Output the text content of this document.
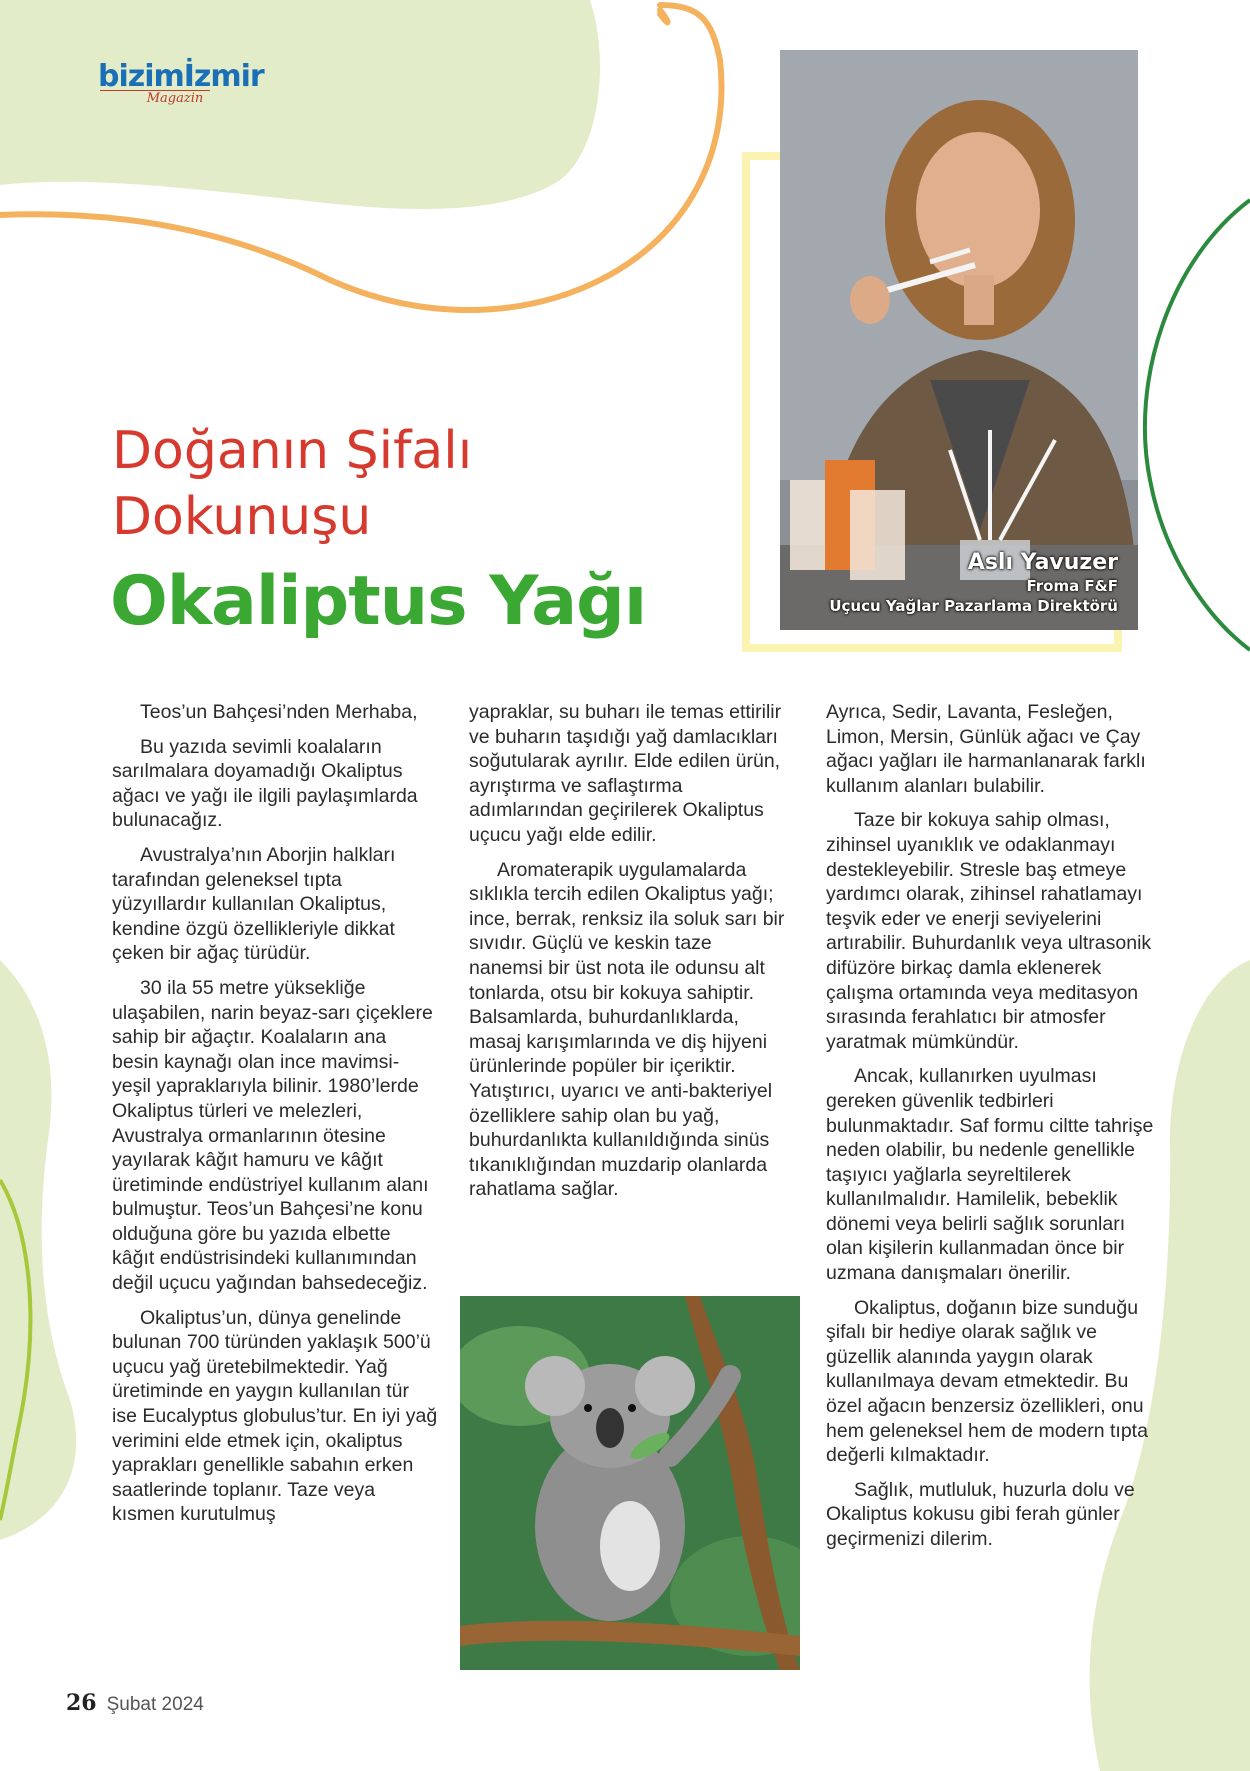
bizimİzmir
Magazin
Doğanın Şifalı
Dokunuşu
Okaliptus Yağı	Aslı Yavuzer
Froma F&F
Uçucu Yağlar Pazarlama Direktörü

Teos’un Bahçesi’nden Merhaba,

Bu yazıda sevimli koalaların sarılmalara doyamadığı Okaliptus ağacı ve yağı ile ilgili paylaşımlarda bulunacağız.

Avustralya’nın Aborjin halkları tarafından geleneksel tıpta yüzyıllardır kullanılan Okaliptus, kendine özgü özellikleriyle dikkat çeken bir ağaç türüdür.

30 ila 55 metre yüksekliğe ulaşabilen, narin beyaz-sarı çiçeklere sahip bir ağaçtır. Koalaların ana besin kaynağı olan ince mavimsi-yeşil yapraklarıyla bilinir. 1980’lerde Okaliptus türleri ve melezleri, Avustralya ormanlarının ötesine yayılarak kâğıt hamuru ve kâğıt üretiminde endüstriyel kullanım alanı bulmuştur. Teos’un Bahçesi’ne konu olduğuna göre bu yazıda elbette kâğıt endüstrisindeki kullanımından değil uçucu yağından bahsedeceğiz.

Okaliptus’un, dünya genelinde bulunan 700 türünden yaklaşık 500’ü uçucu yağ üretebilmektedir. Yağ üretiminde en yaygın kullanılan tür ise Eucalyptus globulus’tur. En iyi yağ verimini elde etmek için, okaliptus yaprakları genellikle sabahın erken saatlerinde toplanır. Taze veya kısmen kurutulmuş

yapraklar, su buharı ile temas ettirilir ve buharın taşıdığı yağ damlacıkları soğutularak ayrılır. Elde edilen ürün, ayrıştırma ve saflaştırma adımlarından geçirilerek Okaliptus uçucu yağı elde edilir.

Aromaterapik uygulamalarda sıklıkla tercih edilen Okaliptus yağı; ince, berrak, renksiz ila soluk sarı bir sıvıdır. Güçlü ve keskin taze nanemsi bir üst nota ile odunsu alt tonlarda, otsu bir kokuya sahiptir. Balsamlarda, buhurdanlıklarda, masaj karışımlarında ve diş hijyeni ürünlerinde popüler bir içeriktir. Yatıştırıcı, uyarıcı ve anti-bakteriyel özelliklere sahip olan bu yağ, buhurdanlıkta kullanıldığında sinüs tıkanıklığından muzdarip olanlarda rahatlama sağlar.

Ayrıca, Sedir, Lavanta, Fesleğen, Limon, Mersin, Günlük ağacı ve Çay ağacı yağları ile harmanlanarak farklı kullanım alanları bulabilir.

Taze bir kokuya sahip olması, zihinsel uyanıklık ve odaklanmayı destekleyebilir. Stresle baş etmeye yardımcı olarak, zihinsel rahatlamayı teşvik eder ve enerji seviyelerini artırabilir. Buhurdanlık veya ultrasonik difüzöre birkaç damla eklenerek çalışma ortamında veya meditasyon sırasında ferahlatıcı bir atmosfer yaratmak mümkündür.

Ancak, kullanırken uyulması gereken güvenlik tedbirleri bulunmaktadır. Saf formu ciltte tahrişe neden olabilir, bu nedenle genellikle taşıyıcı yağlarla seyreltilerek kullanılmalıdır. Hamilelik, bebeklik dönemi veya belirli sağlık sorunları olan kişilerin kullanmadan önce bir uzmana danışmaları önerilir.

Okaliptus, doğanın bize sunduğu şifalı bir hediye olarak sağlık ve güzellik alanında yaygın olarak kullanılmaya devam etmektedir. Bu özel ağacın benzersiz özellikleri, onu hem geleneksel hem de modern tıpta değerli kılmaktadır.

Sağlık, mutluluk, huzurla dolu ve Okaliptus kokusu gibi ferah günler geçirmenizi dilerim.

26 Şubat 2024
